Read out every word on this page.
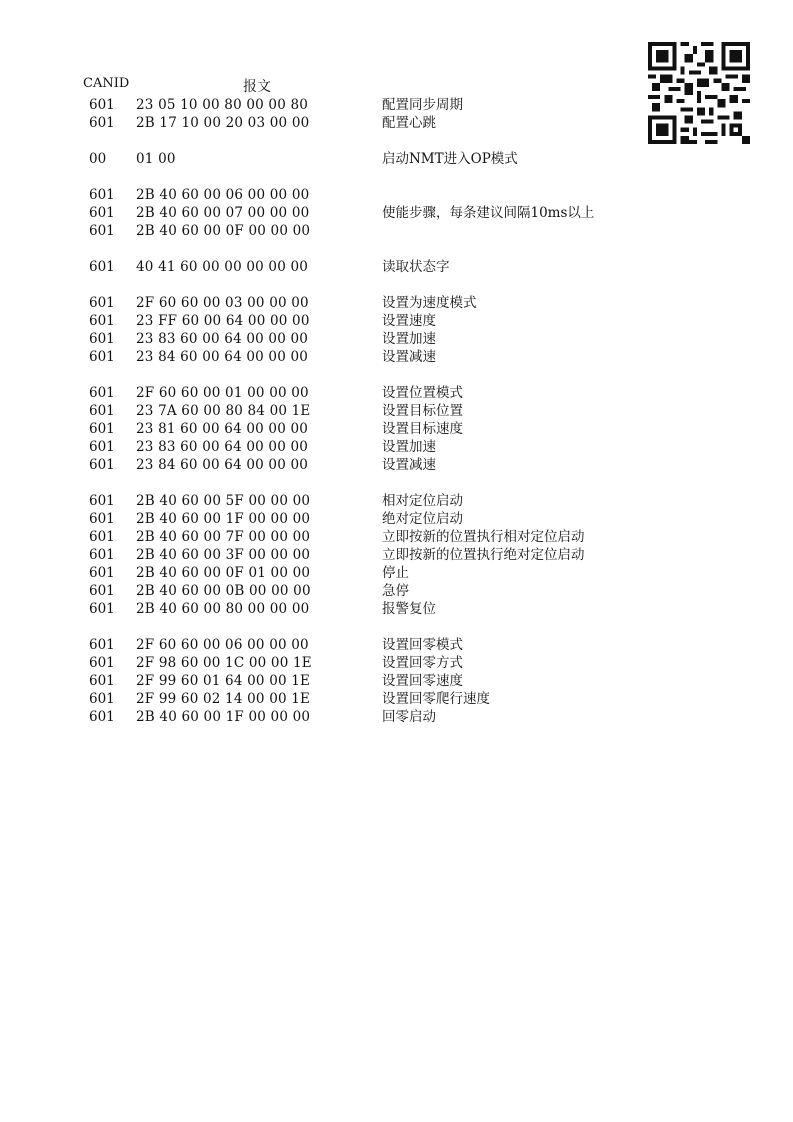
CANID	报文
601 23 05 10 00 80 00 00 80	配置同步周期
601 2B 17 10 00 20 03 00 00	配置心跳
00 01 00	启动NMT进入OP模式
601 2B 40 60 00 06 00 00 00
601 2B 40 60 00 07 00 00 00	使能步骤，每条建议间隔10ms以上
601 2B 40 60 00 0F 00 00 00
601 40 41 60 00 00 00 00 00	读取状态字
601 2F 60 60 00 03 00 00 00	设置为速度模式
601 23 FF 60 00 64 00 00 00	设置速度
601 23 83 60 00 64 00 00 00	设置加速
601 23 84 60 00 64 00 00 00	设置减速
601 2F 60 60 00 01 00 00 00	设置位置模式
601 23 7A 60 00 80 84 00 1E	设置目标位置
601 23 81 60 00 64 00 00 00	设置目标速度
601 23 83 60 00 64 00 00 00	设置加速
601 23 84 60 00 64 00 00 00	设置减速
601 2B 40 60 00 5F 00 00 00	相对定位启动
601 2B 40 60 00 1F 00 00 00	绝对定位启动
601 2B 40 60 00 7F 00 00 00	立即按新的位置执行相对定位启动
601 2B 40 60 00 3F 00 00 00	立即按新的位置执行绝对定位启动
601 2B 40 60 00 0F 01 00 00	停止
601 2B 40 60 00 0B 00 00 00	急停
601 2B 40 60 00 80 00 00 00	报警复位
601 2F 60 60 00 06 00 00 00	设置回零模式
601 2F 98 60 00 1C 00 00 1E	设置回零方式
601 2F 99 60 01 64 00 00 1E	设置回零速度
601 2F 99 60 02 14 00 00 1E	设置回零爬行速度
601 2B 40 60 00 1F 00 00 00	回零启动
